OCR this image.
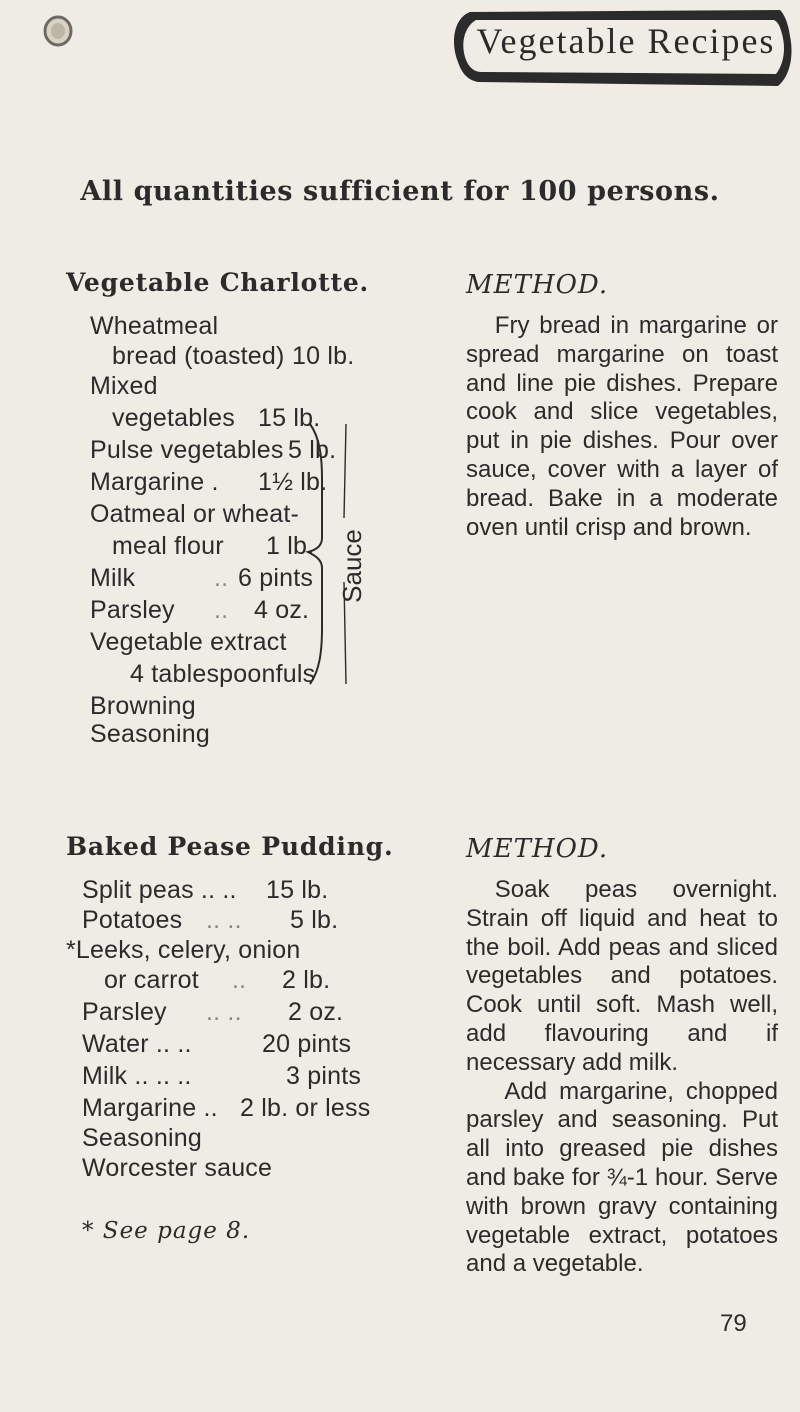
Vegetable Recipes
All quantities sufficient for 100 persons.
Vegetable Charlotte.	METHOD.
Wheatmeal
bread (toasted) 10 lb.
Mixed
vegetables 15 lb.
Pulse vegetables 5 lb.
Margarine . 1½ lb.
Oatmeal or wheat-
meal flour 1 lb.
Milk	.. 6 pints
Parsley .. 4 oz.
Vegetable extract
4 tablespoonfuls
Browning
Seasoning
Sauce

Fry bread in margarine or spread margarine on toast and line pie dishes. Prepare cook and slice vegetables, put in pie dishes. Pour over sauce, cover with a layer of bread. Bake in a moderate oven until crisp and brown.

Baked Pease Pudding.	METHOD.
Split peas .. .. 15 lb.
Potatoes .. .. 5 lb.
*Leeks, celery, onion
or carrot .. 2 lb.
Parsley .. .. 2 oz.
Water .. ..	20 pints
Milk .. .. ..	3 pints
Margarine .. 2 lb. or less
Seasoning
Worcester sauce

Soak peas overnight. Strain off liquid and heat to the boil. Add peas and sliced vegetables and potatoes. Cook until soft. Mash well, add flavouring and if necessary add milk.

Add margarine, chopped parsley and seasoning. Put all into greased pie dishes and bake for ¾-1 hour. Serve with brown gravy containing vegetable extract, potatoes and a vegetable.

* See page 8.
79
